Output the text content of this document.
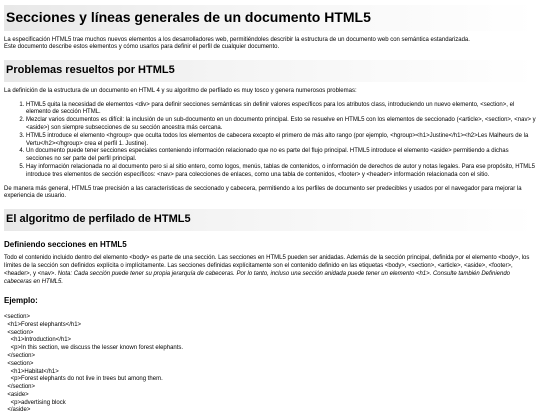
Secciones y líneas generales de un documento HTML5

La especificación HTML5 trae muchos nuevos elementos a los desarrolladores web, permitiéndoles describir la estructura de un documento web con semántica estandarizada.
Este documento describe estos elementos y cómo usarlos para definir el perfil de cualquier documento.

Problemas resueltos por HTML5

La definición de la estructura de un documento en HTML 4 y su algoritmo de perfilado es muy tosco y genera numerosos problemas:

1. HTML5 quita la necesidad de elementos <div> para definir secciones semánticas sin definir valores específicos para los atributos class, introduciendo un nuevo elemento, <section>, el elemento de sección HTML.
2. Mezclar varios documentos es difícil: la inclusión de un sub-documento en un documento principal. Esto se resuelve en HTML5 con los elementos de seccionado (<article>, <section>, <nav> y <aside>) son siempre subsecciones de su sección ancestra más cercana.
3. HTML5 introduce el elemento <hgroup> que oculta todos los elementos de cabecera excepto el primero de más alto rango (por ejemplo, <hgroup><h1>Justine</h1><h2>Les Malheurs de la Vertu</h2></hgroup> crea el perfil 1. Justine).
4. Un documento puede tener secciones especiales conteniendo información relacionado que no es parte del flujo principal. HTML5 introduce el elemento <aside> permitiendo a dichas secciones no ser parte del perfil principal.
5. Hay información relacionada no al documento pero si al sitio entero, como logos, menús, tablas de contenidos, o información de derechos de autor y notas legales. Para ese propósito, HTML5 introduce tres elementos de sección específicos: <nav> para colecciones de enlaces, como una tabla de contenidos, <footer> y <header> información relacionada con el sitio.

De manera más general, HTML5 trae precisión a las características de seccionado y cabecera, permitiendo a los perfiles de documento ser predecibles y usados por el navegador para mejorar la experiencia de usuario.

El algoritmo de perfilado de HTML5
Definiendo secciones en HTML5

Todo el contenido incluido dentro del elemento <body> es parte de una sección. Las secciones en HTML5 pueden ser anidadas. Además de la sección principal, definida por el elemento <body>, los límites de la sección son definidos explícita o implícitamente. Las secciones definidas explícitamente son el contenido definido en las etiquetas <body>, <section>, <article>, <aside>, <footer>, <header>, y <nav>. Nota: Cada sección puede tener su propia jerarquía de cabeceras. Por lo tanto, incluso una sección anidada puede tener un elemento <h1>. Consulte también Definiendo cabeceras en HTML5.

Ejemplo:
<section>
<h1>Forest elephants</h1>
<section>
<h1>Introduction</h1>
<p>In this section, we discuss the lesser known forest elephants.
</section>
<section>
<h1>Habitat</h1>
<p>Forest elephants do not live in trees but among them.
</section>
<aside>
<p>advertising block
</aside>
